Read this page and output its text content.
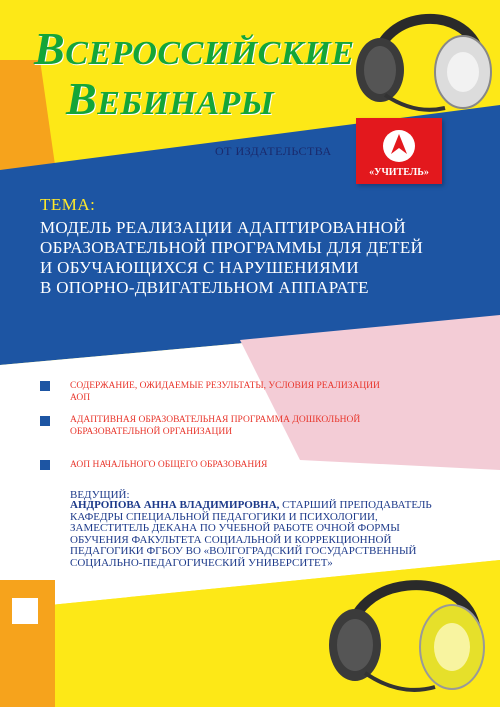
ВСЕРОССИЙСКИЕ
ВЕБИНАРЫ
ОТ ИЗДАТЕЛЬСТВА
«УЧИТЕЛЬ»
ТЕМА:
МОДЕЛЬ РЕАЛИЗАЦИИ АДАПТИРОВАННОЙ
ОБРАЗОВАТЕЛЬНОЙ ПРОГРАММЫ ДЛЯ ДЕТЕЙ
И ОБУЧАЮЩИХСЯ С НАРУШЕНИЯМИ
В ОПОРНО-ДВИГАТЕЛЬНОМ АППАРАТЕ
СОДЕРЖАНИЕ, ОЖИДАЕМЫЕ РЕЗУЛЬТАТЫ, УСЛОВИЯ РЕАЛИЗАЦИИ АОП
АДАПТИВНАЯ ОБРАЗОВАТЕЛЬНАЯ ПРОГРАММА ДОШКОЛЬНОЙ
ОБРАЗОВАТЕЛЬНОЙ ОРГАНИЗАЦИИ
АОП НАЧАЛЬНОГО ОБЩЕГО ОБРАЗОВАНИЯ
ВЕДУЩИЙ:
АНДРОПОВА АННА ВЛАДИМИРОВНА, СТАРШИЙ ПРЕПОДАВАТЕЛЬ
КАФЕДРЫ СПЕЦИАЛЬНОЙ ПЕДАГОГИКИ И ПСИХОЛОГИИ,
ЗАМЕСТИТЕЛЬ ДЕКАНА ПО УЧЕБНОЙ РАБОТЕ ОЧНОЙ ФОРМЫ
ОБУЧЕНИЯ ФАКУЛЬТЕТА СОЦИАЛЬНОЙ И КОРРЕКЦИОННОЙ
ПЕДАГОГИКИ ФГБОУ ВО «ВОЛГОГРАДСКИЙ ГОСУДАРСТВЕННЫЙ
СОЦИАЛЬНО-ПЕДАГОГИЧЕСКИЙ УНИВЕРСИТЕТ»
